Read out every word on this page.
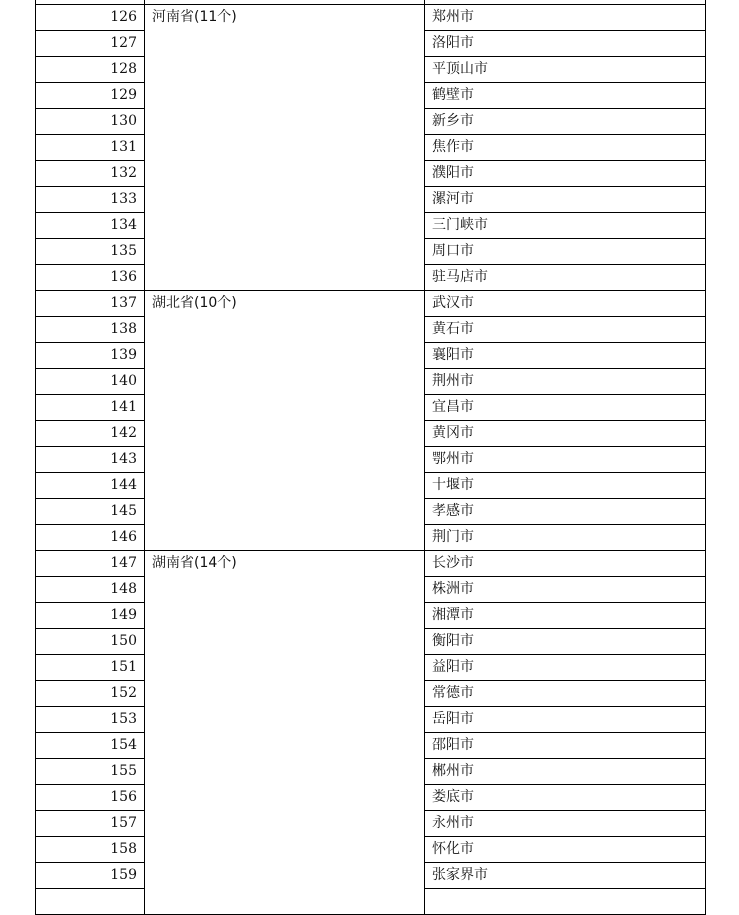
126	河南省(11个)	郑州市
127		洛阳市
128		平顶山市
129		鹤壁市
130		新乡市
131		焦作市
132		濮阳市
133		漯河市
134		三门峡市
135		周口市
136		驻马店市
137	湖北省(10个)	武汉市
138		黄石市
139		襄阳市
140		荆州市
141		宜昌市
142		黄冈市
143		鄂州市
144		十堰市
145		孝感市
146		荆门市
147	湖南省(14个)	长沙市
148		株洲市
149		湘潭市
150		衡阳市
151		益阳市
152		常德市
153		岳阳市
154		邵阳市
155		郴州市
156		娄底市
157		永州市
158		怀化市
159		张家界市
